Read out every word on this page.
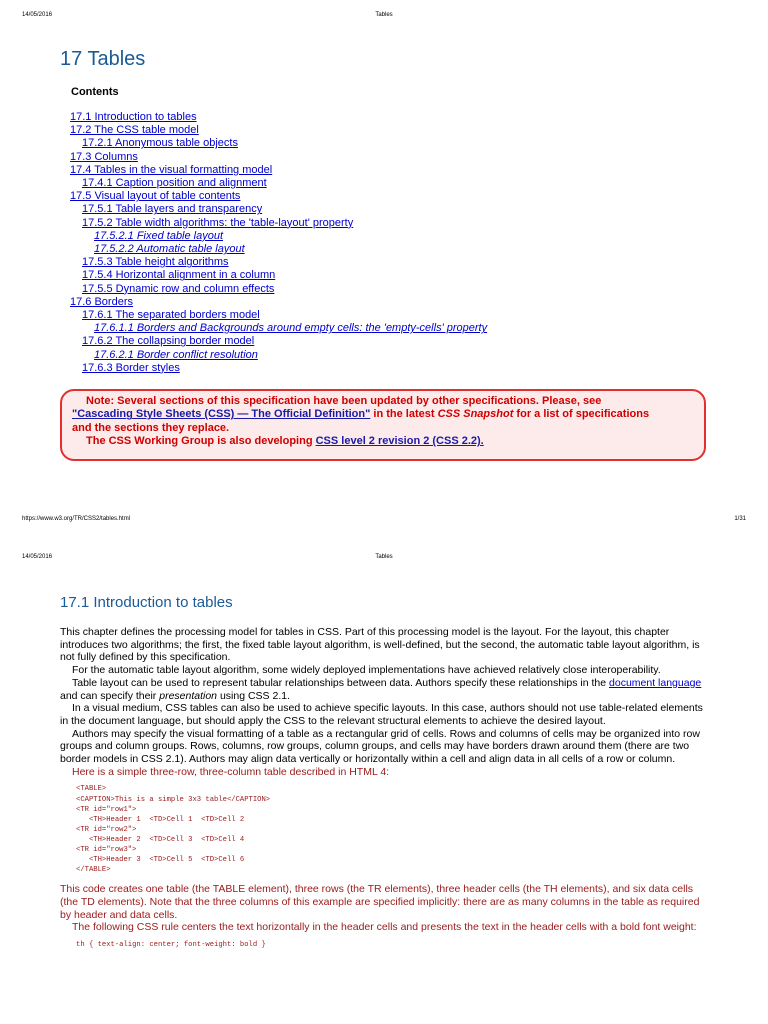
14/05/2016	Tables
17 Tables
Contents
17.1 Introduction to tables
17.2 The CSS table model
17.2.1 Anonymous table objects
17.3 Columns
17.4 Tables in the visual formatting model
17.4.1 Caption position and alignment
17.5 Visual layout of table contents
17.5.1 Table layers and transparency
17.5.2 Table width algorithms: the 'table-layout' property
17.5.2.1 Fixed table layout
17.5.2.2 Automatic table layout
17.5.3 Table height algorithms
17.5.4 Horizontal alignment in a column
17.5.5 Dynamic row and column effects
17.6 Borders
17.6.1 The separated borders model
17.6.1.1 Borders and Backgrounds around empty cells: the 'empty-cells' property
17.6.2 The collapsing border model
17.6.2.1 Border conflict resolution
17.6.3 Border styles
Note: Several sections of this specification have been updated by other specifications. Please, see
"Cascading Style Sheets (CSS) — The Official Definition" in the latest CSS Snapshot for a list of specifications
and the sections they replace.
The CSS Working Group is also developing CSS level 2 revision 2 (CSS 2.2).
https://www.w3.org/TR/CSS2/tables.html	1/31
14/05/2016	Tables
17.1 Introduction to tables

This chapter defines the processing model for tables in CSS. Part of this processing model is the layout. For the layout, this chapter introduces two algorithms; the first, the fixed table layout algorithm, is well-defined, but the second, the automatic table layout algorithm, is not fully defined by this specification.

For the automatic table layout algorithm, some widely deployed implementations have achieved relatively close interoperability.

Table layout can be used to represent tabular relationships between data. Authors specify these relationships in the document language and can specify their presentation using CSS 2.1.

In a visual medium, CSS tables can also be used to achieve specific layouts. In this case, authors should not use table-related elements in the document language, but should apply the CSS to the relevant structural elements to achieve the desired layout.

Authors may specify the visual formatting of a table as a rectangular grid of cells. Rows and columns of cells may be organized into row groups and column groups. Rows, columns, row groups, column groups, and cells may have borders drawn around them (there are two border models in CSS 2.1). Authors may align data vertically or horizontally within a cell and align data in all cells of a row or column.

Here is a simple three-row, three-column table described in HTML 4:

<TABLE>
<CAPTION>This is a simple 3x3 table</CAPTION>
<TR id="row1">
<TH>Header 1  <TD>Cell 1  <TD>Cell 2
<TR id="row2">
<TH>Header 2  <TD>Cell 3  <TD>Cell 4
<TR id="row3">
<TH>Header 3  <TD>Cell 5  <TD>Cell 6
</TABLE>

This code creates one table (the TABLE element), three rows (the TR elements), three header cells (the TH elements), and six data cells (the TD elements). Note that the three columns of this example are specified implicitly: there are as many columns in the table as required by header and data cells.

The following CSS rule centers the text horizontally in the header cells and presents the text in the header cells with a bold font weight:

th { text-align: center; font-weight: bold }
